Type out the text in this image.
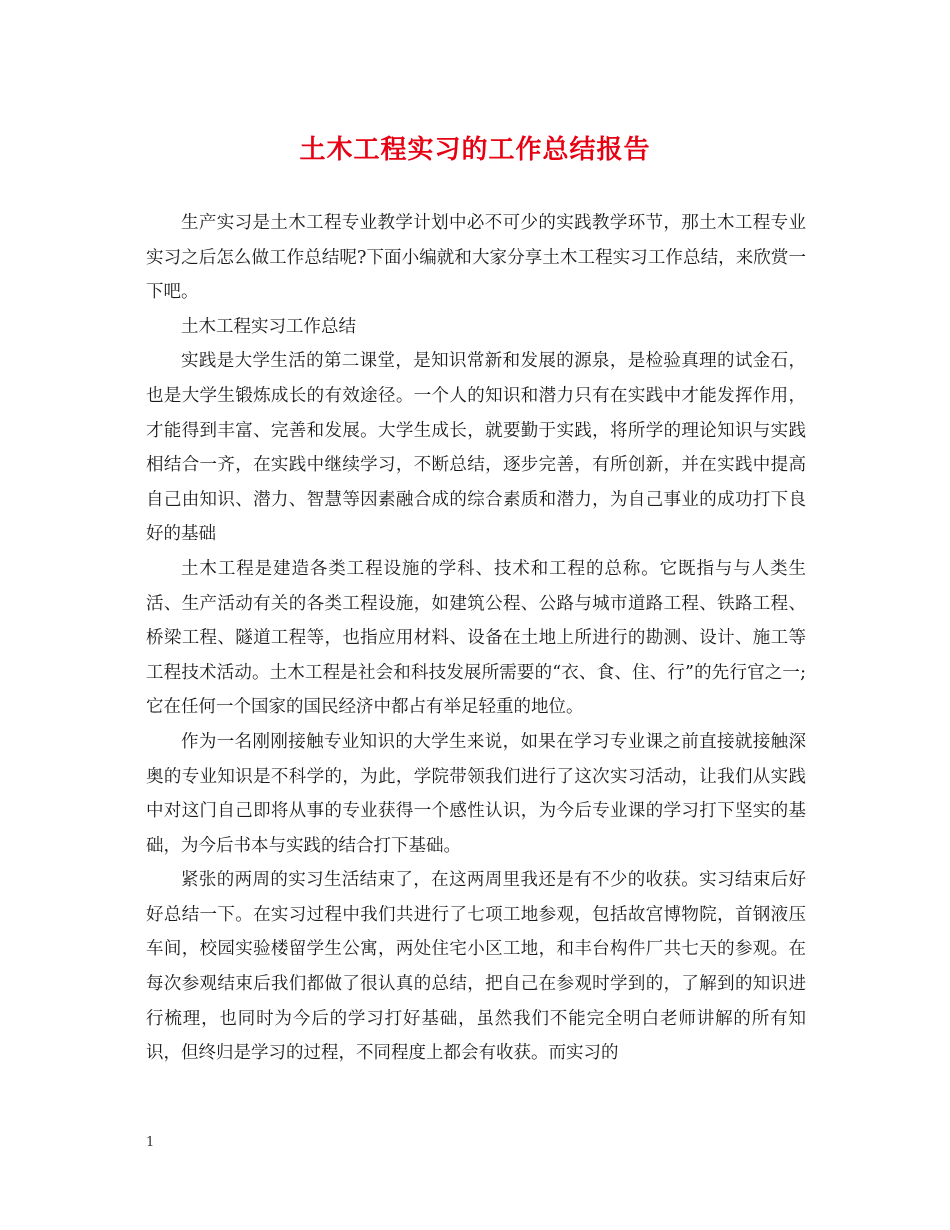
土木工程实习的工作总结报告

生产实习是土木工程专业教学计划中必不可少的实践教学环节，那土木工程专业实习之后怎么做工作总结呢?下面小编就和大家分享土木工程实习工作总结，来欣赏一下吧。

土木工程实习工作总结

实践是大学生活的第二课堂，是知识常新和发展的源泉，是检验真理的试金石，也是大学生锻炼成长的有效途径。一个人的知识和潜力只有在实践中才能发挥作用，才能得到丰富、完善和发展。大学生成长，就要勤于实践，将所学的理论知识与实践相结合一齐，在实践中继续学习，不断总结，逐步完善，有所创新，并在实践中提高自己由知识、潜力、智慧等因素融合成的综合素质和潜力，为自己事业的成功打下良好的基础

土木工程是建造各类工程设施的学科、技术和工程的总称。它既指与与人类生活、生产活动有关的各类工程设施，如建筑公程、公路与城市道路工程、铁路工程、桥梁工程、隧道工程等，也指应用材料、设备在土地上所进行的勘测、设计、施工等工程技术活动。土木工程是社会和科技发展所需要的“衣、食、住、行”的先行官之一;它在任何一个国家的国民经济中都占有举足轻重的地位。

作为一名刚刚接触专业知识的大学生来说，如果在学习专业课之前直接就接触深奥的专业知识是不科学的，为此，学院带领我们进行了这次实习活动，让我们从实践中对这门自己即将从事的专业获得一个感性认识，为今后专业课的学习打下坚实的基础，为今后书本与实践的结合打下基础。

紧张的两周的实习生活结束了，在这两周里我还是有不少的收获。实习结束后好好总结一下。在实习过程中我们共进行了七项工地参观，包括故宫博物院，首钢液压车间，校园实验楼留学生公寓，两处住宅小区工地，和丰台构件厂共七天的参观。在每次参观结束后我们都做了很认真的总结，把自己在参观时学到的，了解到的知识进行梳理，也同时为今后的学习打好基础，虽然我们不能完全明白老师讲解的所有知识，但终归是学习的过程，不同程度上都会有收获。而实习的

1
